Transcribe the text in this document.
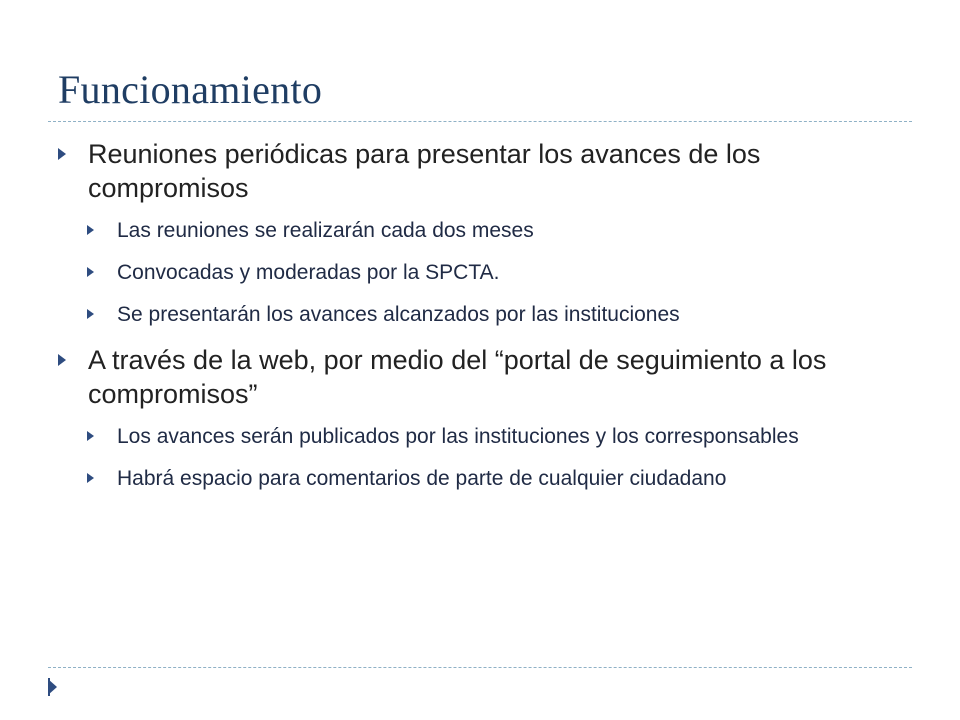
Funcionamiento
Reuniones periódicas para presentar los avances de los compromisos
Las reuniones se realizarán cada dos meses
Convocadas y moderadas por la SPCTA.
Se presentarán los avances alcanzados por las instituciones
A través de la web, por medio del “portal de seguimiento a los compromisos”
Los avances serán publicados por las instituciones y los corresponsables
Habrá espacio para comentarios de parte de cualquier ciudadano
